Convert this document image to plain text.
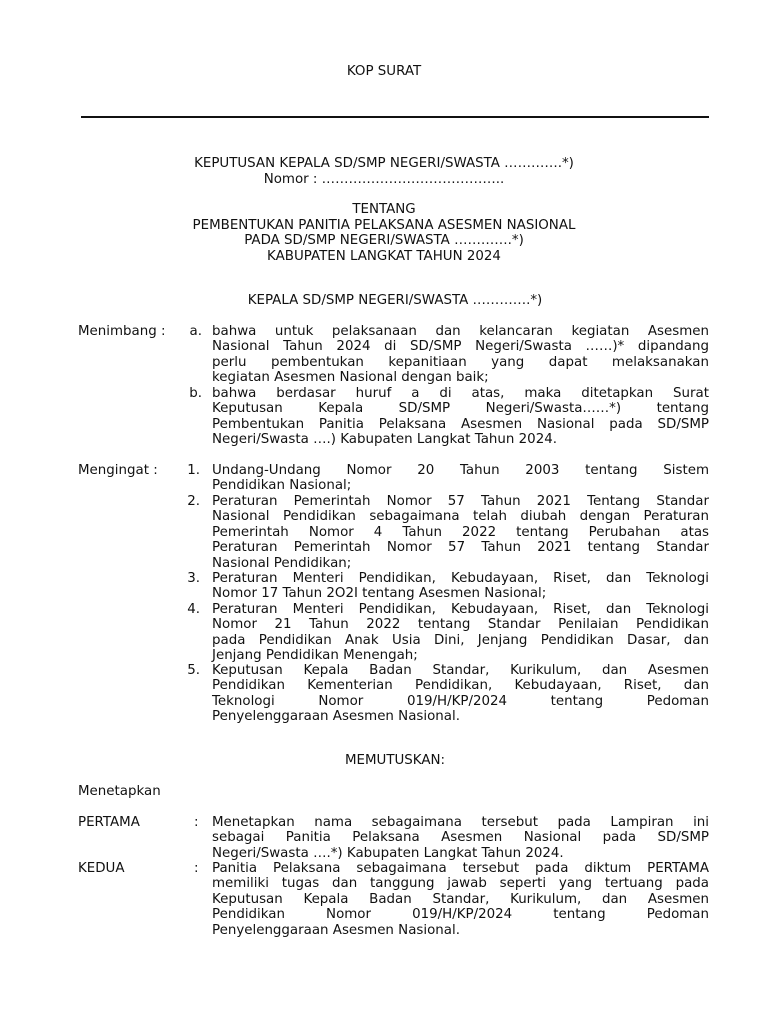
KOP SURAT
KEPUTUSAN KEPALA SD/SMP NEGERI/SWASTA ………….*)
Nomor : …………………………………..
TENTANG
PEMBENTUKAN PANITIA PELAKSANA ASESMEN NASIONAL
PADA SD/SMP NEGERI/SWASTA ………….*)
KABUPATEN LANGKAT TAHUN 2024
KEPALA SD/SMP NEGERI/SWASTA ………….*)
Menimbang :	a. bahwa untuk pelaksanaan dan kelancaran kegiatan Asesmen
Nasional Tahun 2024 di SD/SMP Negeri/Swasta ……)* dipandang
perlu pembentukan kepanitiaan yang dapat melaksanakan
kegiatan Asesmen Nasional dengan baik;
b. bahwa berdasar huruf a di atas, maka ditetapkan Surat
Keputusan Kepala SD/SMP Negeri/Swasta……*) tentang
Pembentukan Panitia Pelaksana Asesmen Nasional pada SD/SMP
Negeri/Swasta ….) Kabupaten Langkat Tahun 2024.
Mengingat :	1. Undang-Undang Nomor 20 Tahun 2003 tentang Sistem
Pendidikan Nasional;
2. Peraturan Pemerintah Nomor 57 Tahun 2021 Tentang Standar
Nasional Pendidikan sebagaimana telah diubah dengan Peraturan
Pemerintah Nomor 4 Tahun 2022 tentang Perubahan atas
Peraturan Pemerintah Nomor 57 Tahun 2021 tentang Standar
Nasional Pendidikan;
3. Peraturan Menteri Pendidikan, Kebudayaan, Riset, dan Teknologi
Nomor 17 Tahun 2O2I tentang Asesmen Nasional;
4. Peraturan Menteri Pendidikan, Kebudayaan, Riset, dan Teknologi
Nomor 21 Tahun 2022 tentang Standar Penilaian Pendidikan
pada Pendidikan Anak Usia Dini, Jenjang Pendidikan Dasar, dan
Jenjang Pendidikan Menengah;
5. Keputusan Kepala Badan Standar, Kurikulum, dan Asesmen
Pendidikan Kementerian Pendidikan, Kebudayaan, Riset, dan
Teknologi Nomor 019/H/KP/2024 tentang Pedoman
Penyelenggaraan Asesmen Nasional.
MEMUTUSKAN:
Menetapkan
PERTAMA	:	Menetapkan nama sebagaimana tersebut pada Lampiran ini
sebagai Panitia Pelaksana Asesmen Nasional pada SD/SMP
Negeri/Swasta ….*) Kabupaten Langkat Tahun 2024.
KEDUA	:	Panitia Pelaksana sebagaimana tersebut pada diktum PERTAMA
memiliki tugas dan tanggung jawab seperti yang tertuang pada
Keputusan Kepala Badan Standar, Kurikulum, dan Asesmen
Pendidikan Nomor 019/H/KP/2024 tentang Pedoman
Penyelenggaraan Asesmen Nasional.
